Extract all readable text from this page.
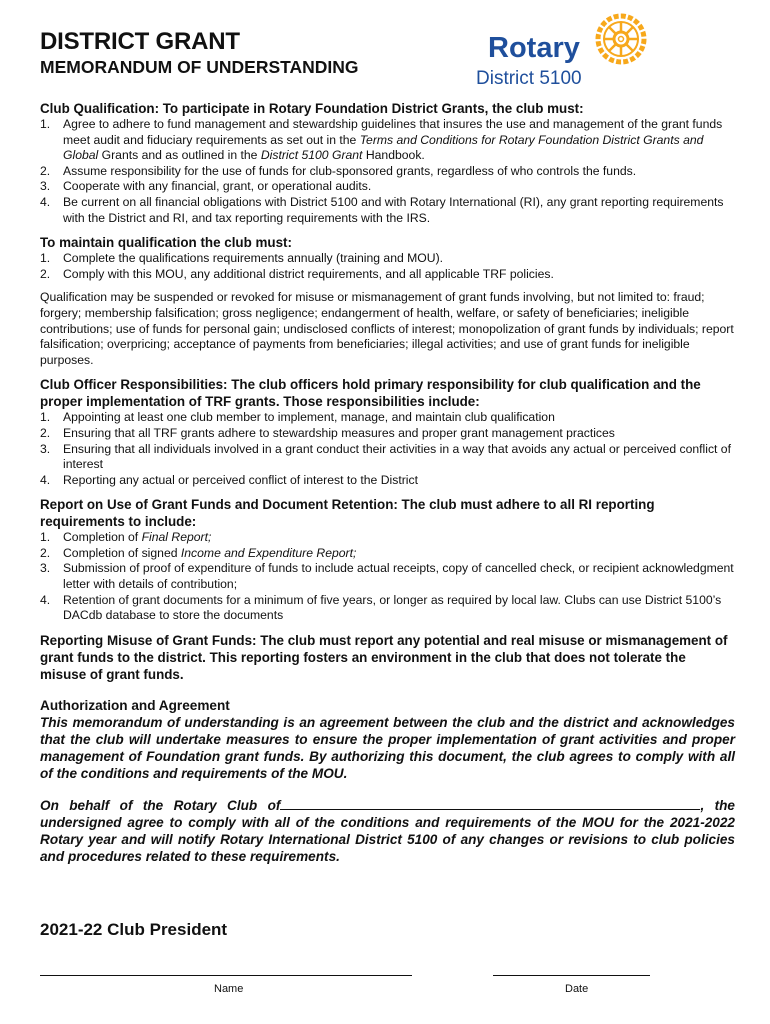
DISTRICT GRANT
MEMORANDUM OF UNDERSTANDING
Rotary
District 5100
Club Qualification: To participate in Rotary Foundation District Grants, the club must:
1. Agree to adhere to fund management and stewardship guidelines that insures the use and management of the grant funds meet audit and fiduciary requirements as set out in the Terms and Conditions for Rotary Foundation District Grants and Global Grants and as outlined in the District 5100 Grant Handbook.
2. Assume responsibility for the use of funds for club-sponsored grants, regardless of who controls the funds.
3. Cooperate with any financial, grant, or operational audits.
4. Be current on all financial obligations with District 5100 and with Rotary International (RI), any grant reporting requirements with the District and RI, and tax reporting requirements with the IRS.
To maintain qualification the club must:
1. Complete the qualifications requirements annually (training and MOU).
2. Comply with this MOU, any additional district requirements, and all applicable TRF policies.

Qualification may be suspended or revoked for misuse or mismanagement of grant funds involving, but not limited to: fraud; forgery; membership falsification; gross negligence; endangerment of health, welfare, or safety of beneficiaries; ineligible contributions; use of funds for personal gain; undisclosed conflicts of interest; monopolization of grant funds by individuals; report falsification; overpricing; acceptance of payments from beneficiaries; illegal activities; and use of grant funds for ineligible purposes.

Club Officer Responsibilities: The club officers hold primary responsibility for club qualification and the proper implementation of TRF grants. Those responsibilities include:
1. Appointing at least one club member to implement, manage, and maintain club qualification
2. Ensuring that all TRF grants adhere to stewardship measures and proper grant management practices
3. Ensuring that all individuals involved in a grant conduct their activities in a way that avoids any actual or perceived conflict of interest
4. Reporting any actual or perceived conflict of interest to the District
Report on Use of Grant Funds and Document Retention: The club must adhere to all RI reporting requirements to include:
1. Completion of Final Report;
2. Completion of signed Income and Expenditure Report;
3. Submission of proof of expenditure of funds to include actual receipts, copy of cancelled check, or recipient acknowledgment letter with details of contribution;
4. Retention of grant documents for a minimum of five years, or longer as required by local law. Clubs can use District 5100’s DACdb database to store the documents
Reporting Misuse of Grant Funds: The club must report any potential and real misuse or mismanagement of grant funds to the district. This reporting fosters an environment in the club that does not tolerate the misuse of grant funds.
Authorization and Agreement
This memorandum of understanding is an agreement between the club and the district and acknowledges that the club will undertake measures to ensure the proper implementation of grant activities and proper management of Foundation grant funds. By authorizing this document, the club agrees to comply with all of the conditions and requirements of the MOU.
On behalf of the Rotary Club of	, the undersigned agree to comply with all of the conditions and requirements of the MOU for the 2021-2022 Rotary year and will notify Rotary International District 5100 of any changes or revisions to club policies and procedures related to these requirements.
2021-22 Club President
Name	Date
